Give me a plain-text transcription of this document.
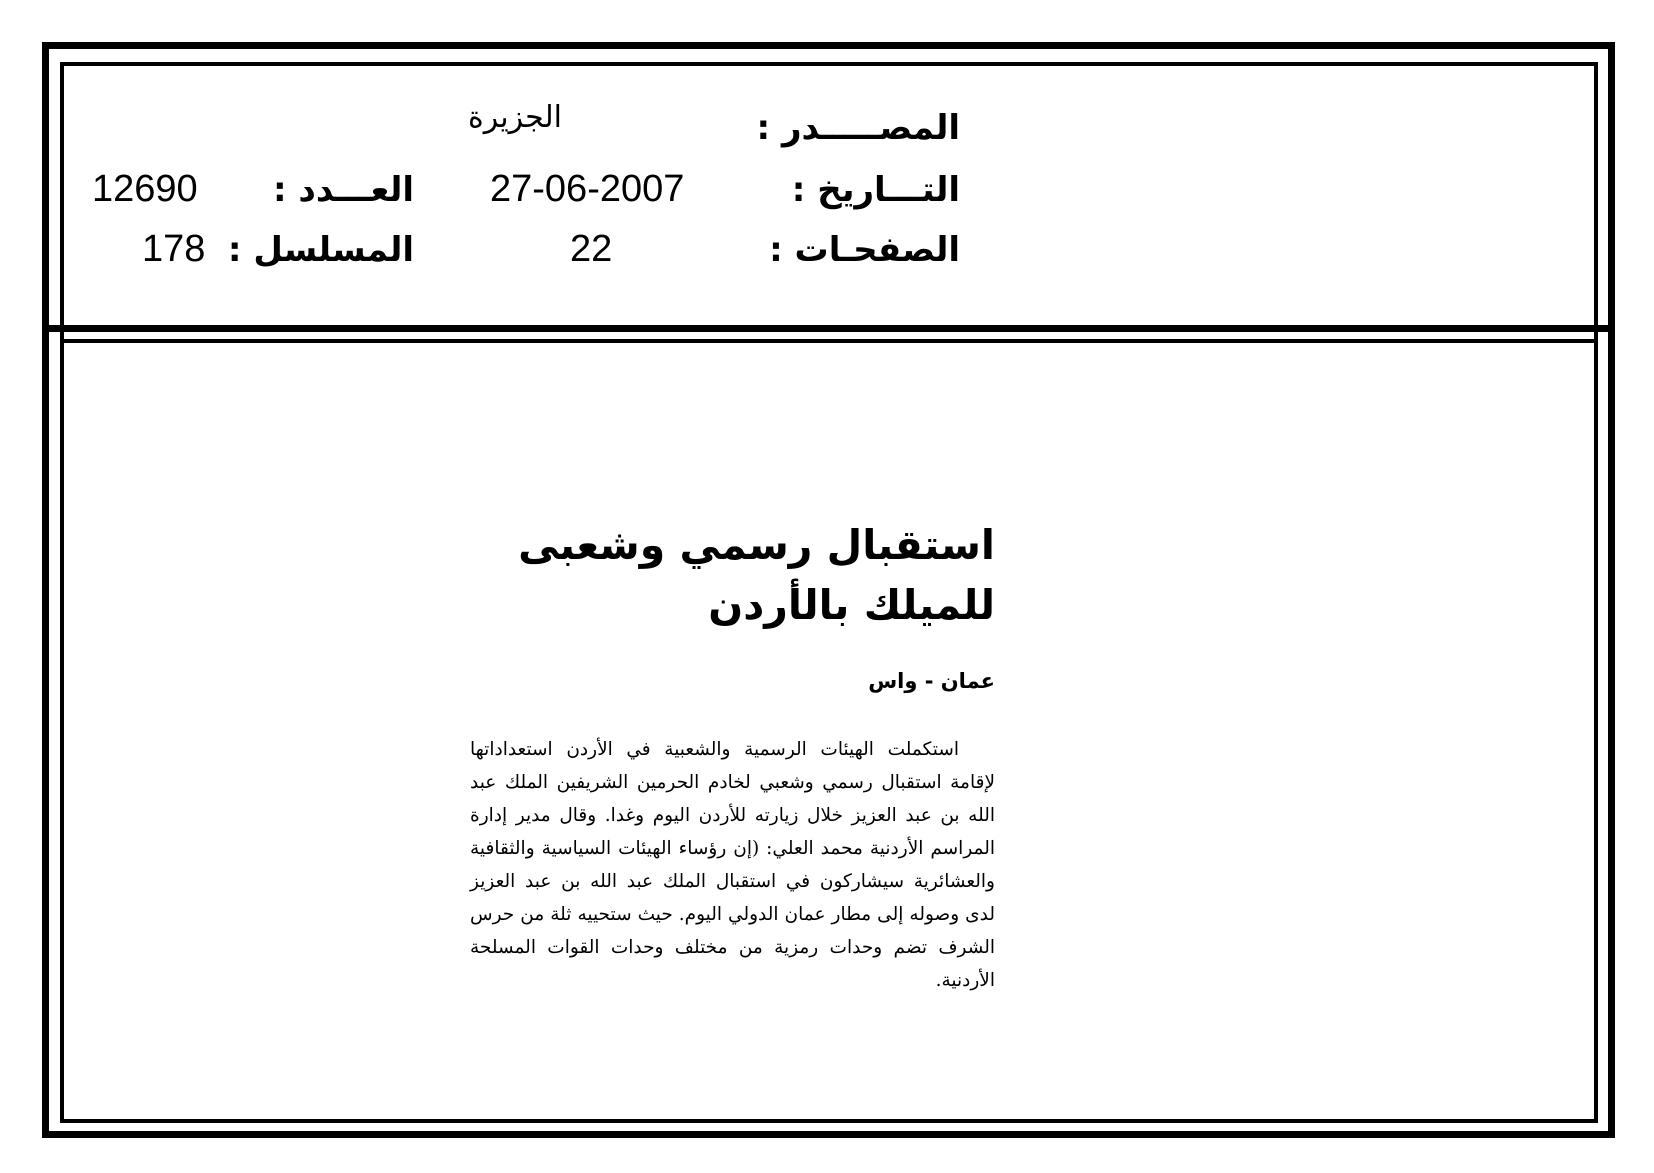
المصـــــدر :
الجزيرة
التـــاريخ :
27-06-2007
الصفحـات :
22
العـــدد :
12690
المسلسل :
178
استقبال رسمي وشعبى للميلك بالأردن
عمان - واس
استكملت الهيئات الرسمية والشعبية في الأردن استعداداتها لإقامة استقبال رسمي وشعبي لخادم الحرمين الشريفين الملك عبد الله بن عبد العزيز خلال زيارته للأردن اليوم وغدا. وقال مدير إدارة المراسم الأردنية محمد العلي: (إن رؤساء الهيئات السياسية والثقافية والعشائرية سيشاركون في استقبال الملك عبد الله بن عبد العزيز لدى وصوله إلى مطار عمان الدولي اليوم. حيث ستحييه ثلة من حرس الشرف تضم وحدات رمزية من مختلف وحدات القوات المسلحة الأردنية.
